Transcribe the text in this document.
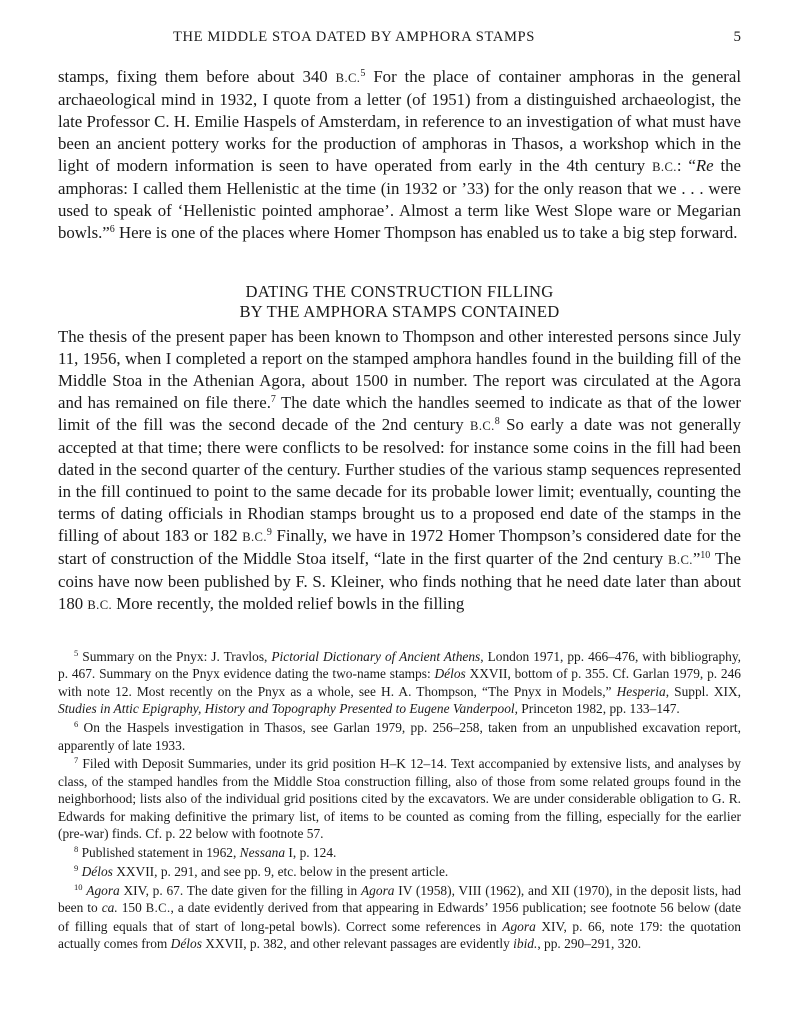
THE MIDDLE STOA DATED BY AMPHORA STAMPS	5

stamps, fixing them before about 340 B.C.$^5$ For the place of container amphoras in the general archaeological mind in 1932, I quote from a letter (of 1951) from a distinguished archaeologist, the late Professor C. H. Emilie Haspels of Amsterdam, in reference to an investigation of what must have been an ancient pottery works for the production of amphoras in Thasos, a workshop which in the light of modern information is seen to have operated from early in the 4th century B.C.: “Re the amphoras: I called them Hellenistic at the time (in 1932 or ’33) for the only reason that we . . . were used to speak of ‘Hellenistic pointed amphorae’. Almost a term like West Slope ware or Megarian bowls.”$^6$ Here is one of the places where Homer Thompson has enabled us to take a big step forward.

DATING THE CONSTRUCTION FILLING
BY THE AMPHORA STAMPS CONTAINED

The thesis of the present paper has been known to Thompson and other interested persons since July 11, 1956, when I completed a report on the stamped amphora handles found in the building fill of the Middle Stoa in the Athenian Agora, about 1500 in number. The report was circulated at the Agora and has remained on file there.$^7$ The date which the handles seemed to indicate as that of the lower limit of the fill was the second decade of the 2nd century B.C.$^8$ So early a date was not generally accepted at that time; there were conflicts to be resolved: for instance some coins in the fill had been dated in the second quarter of the century. Further studies of the various stamp sequences represented in the fill continued to point to the same decade for its probable lower limit; eventually, counting the terms of dating officials in Rhodian stamps brought us to a proposed end date of the stamps in the filling of about 183 or 182 B.C.$^9$ Finally, we have in 1972 Homer Thompson’s considered date for the start of construction of the Middle Stoa itself, “late in the first quarter of the 2nd century B.C.”$^{10}$ The coins have now been published by F. S. Kleiner, who finds nothing that he need date later than about 180 B.C. More recently, the molded relief bowls in the filling

$^5$ Summary on the Pnyx: J. Travlos, Pictorial Dictionary of Ancient Athens, London 1971, pp. 466–476, with bibliography, p. 467. Summary on the Pnyx evidence dating the two-name stamps: Délos XXVII, bottom of p. 355. Cf. Garlan 1979, p. 246 with note 12. Most recently on the Pnyx as a whole, see H. A. Thompson, “The Pnyx in Models,” Hesperia, Suppl. XIX, Studies in Attic Epigraphy, History and Topography Presented to Eugene Vanderpool, Princeton 1982, pp. 133–147.

$^6$ On the Haspels investigation in Thasos, see Garlan 1979, pp. 256–258, taken from an unpublished excavation report, apparently of late 1933.

$^7$ Filed with Deposit Summaries, under its grid position H–K 12–14. Text accompanied by extensive lists, and analyses by class, of the stamped handles from the Middle Stoa construction filling, also of those from some related groups found in the neighborhood; lists also of the individual grid positions cited by the excavators. We are under considerable obligation to G. R. Edwards for making definitive the primary list, of items to be counted as coming from the filling, especially for the earlier (pre-war) finds. Cf. p. 22 below with footnote 57.

$^8$ Published statement in 1962, Nessana I, p. 124.

$^9$ Délos XXVII, p. 291, and see pp. 9, etc. below in the present article.

$^{10}$ Agora XIV, p. 67. The date given for the filling in Agora IV (1958), VIII (1962), and XII (1970), in the deposit lists, had been to ca. 150 B.C., a date evidently derived from that appearing in Edwards’ 1956 publication; see footnote 56 below (date of filling equals that of start of long-petal bowls). Correct some references in Agora XIV, p. 66, note 179: the quotation actually comes from Délos XXVII, p. 382, and other relevant passages are evidently ibid., pp. 290–291, 320.
